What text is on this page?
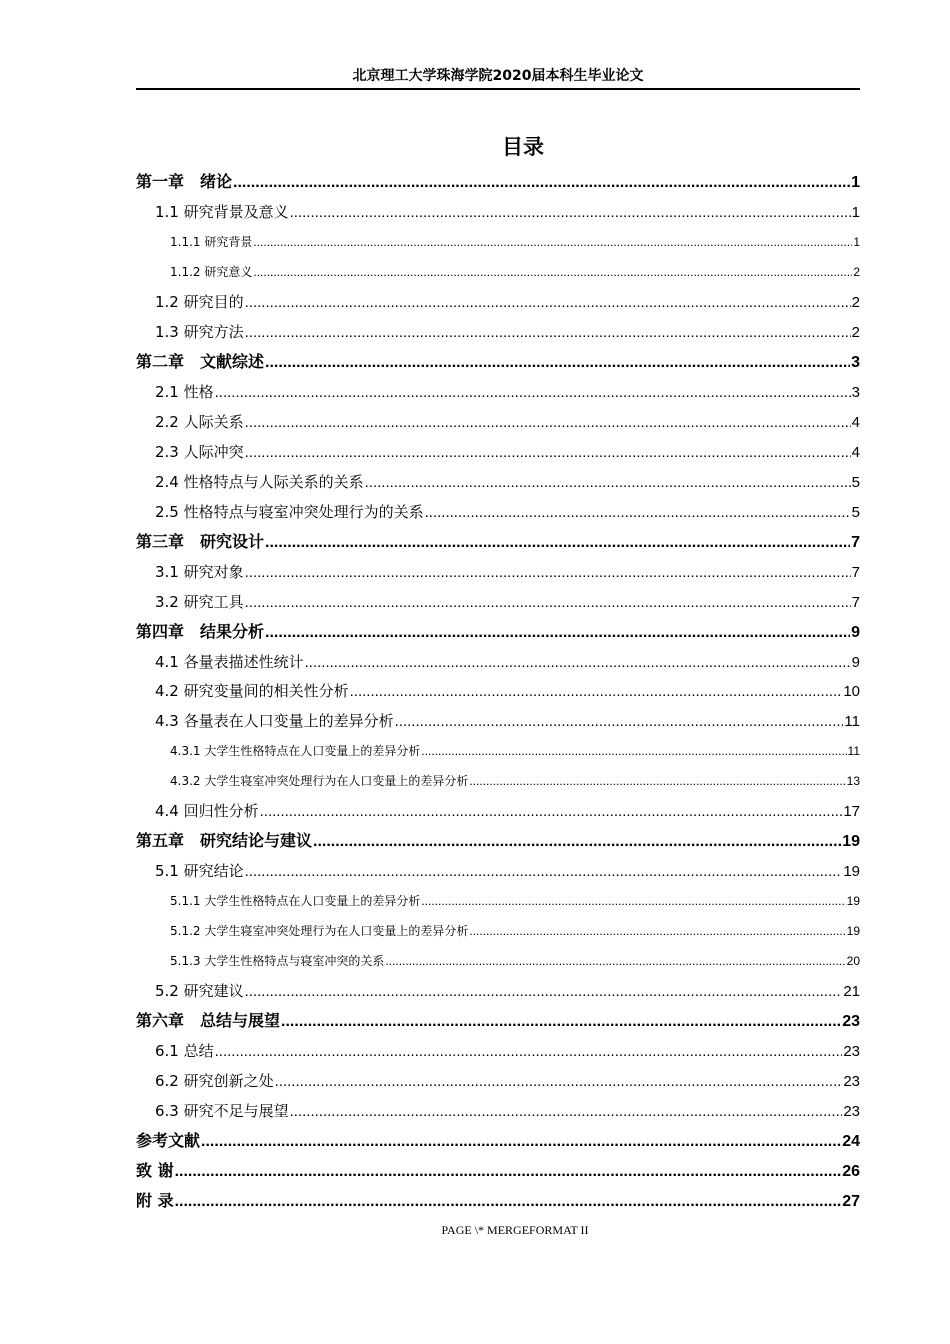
北京理工大学珠海学院2020届本科生毕业论文
目录
第一章　绪论 .....	1
1.1 研究背景及意义 .....	1
1.1.1 研究背景 .....	1
1.1.2 研究意义 .....	2
1.2 研究目的 .....	2
1.3 研究方法 .....	2
第二章　文献综述 .....	3
2.1 性格 .....	3
2.2 人际关系 .....	4
2.3 人际冲突 .....	4
2.4 性格特点与人际关系的关系 .....	5
2.5 性格特点与寝室冲突处理行为的关系 .....	5
第三章　研究设计 .....	7
3.1 研究对象 .....	7
3.2 研究工具 .....	7
第四章　结果分析 .....	9
4.1 各量表描述性统计 .....	9
4.2 研究变量间的相关性分析 .....	10
4.3 各量表在人口变量上的差异分析 .....	11
4.3.1 大学生性格特点在人口变量上的差异分析 .....	11
4.3.2 大学生寝室冲突处理行为在人口变量上的差异分析 .....	13
4.4 回归性分析 .....	17
第五章　研究结论与建议 .....	19
5.1 研究结论 .....	19
5.1.1 大学生性格特点在人口变量上的差异分析 .....	19
5.1.2 大学生寝室冲突处理行为在人口变量上的差异分析 .....	19
5.1.3 大学生性格特点与寝室冲突的关系 .....	20
5.2 研究建议 .....	21
第六章　总结与展望 .....	23
6.1 总结 .....	23
6.2 研究创新之处 .....	23
6.3 研究不足与展望 .....	23
参考文献 .....	24
致 谢 .....	26
附 录 .....	27
PAGE \* MERGEFORMAT II
